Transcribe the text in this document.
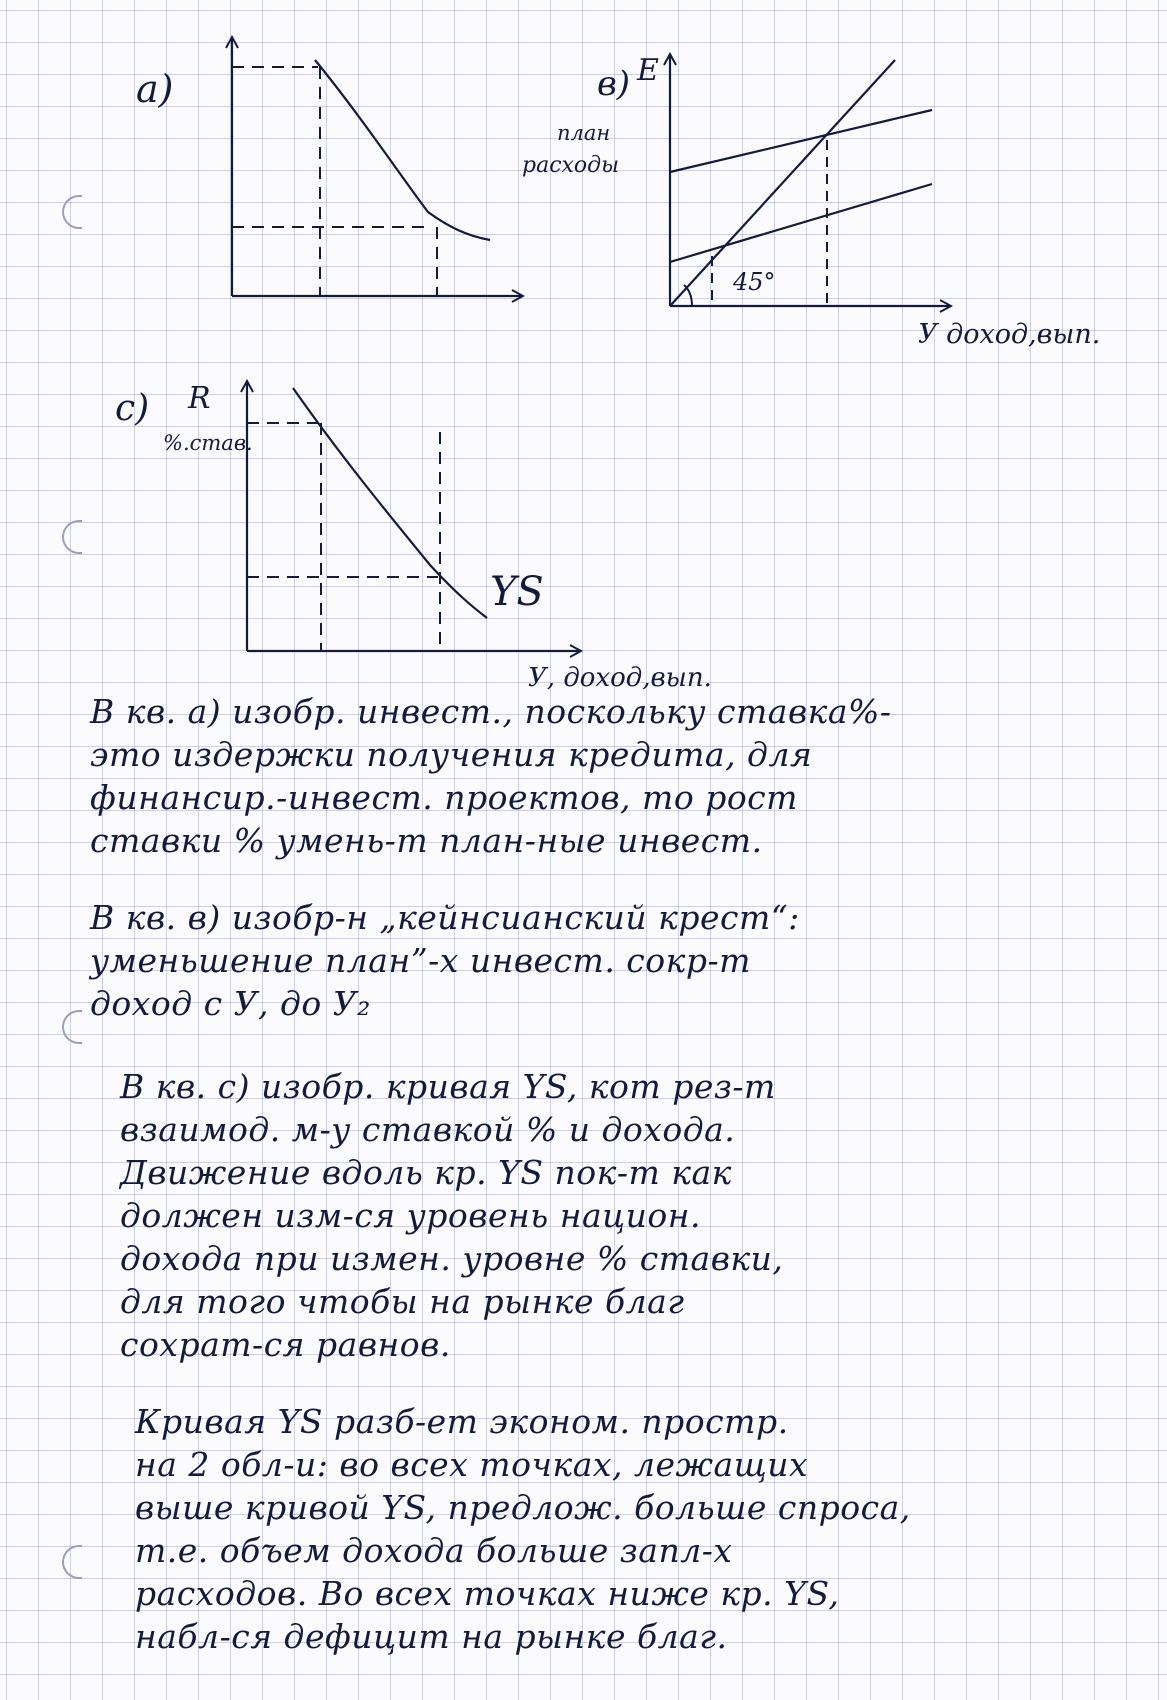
а)
45°
в) E
план
расходы
У доход,вып.
с) R
%.став.
YS
У, доход,вып.
В кв. а) изобр. инвест., поскольку ставка%-
это издержки получения кредита, для
финансир.-инвест. проектов, то рост
ставки % умень-т план-ные инвест.
В кв. в) изобр-н „кейнсианский крест“:
уменьшение план”-х инвест. сокр-т
доход с У, до У₂
В кв. с) изобр. кривая YS, кот рез-т
взаимод. м-у ставкой % и дохода.
Движение вдоль кр. YS пок-т как
должен изм-ся уровень национ.
дохода при измен. уровне % ставки,
для того чтобы на рынке благ
сохрат-ся равнов.
Кривая YS разб-ет эконом. простр.
на 2 обл-и: во всех точках, лежащих
выше кривой YS, предлож. больше спроса,
т.е. объем дохода больше запл-х
расходов. Во всех точках ниже кр. YS,
набл-ся дефицит на рынке благ.
